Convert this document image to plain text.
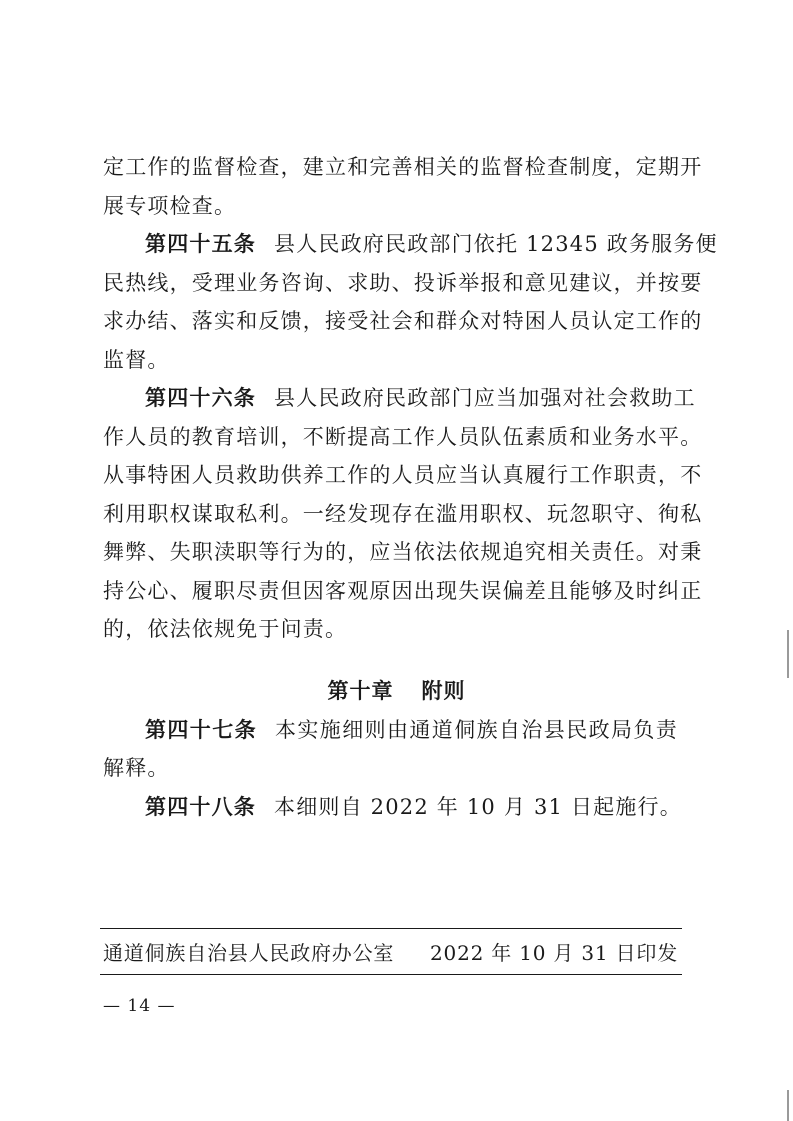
定工作的监督检查，建立和完善相关的监督检查制度，定期开
展专项检查。
第四十五条 县人民政府民政部门依托 12345 政务服务便
民热线，受理业务咨询、求助、投诉举报和意见建议，并按要
求办结、落实和反馈，接受社会和群众对特困人员认定工作的
监督。
第四十六条 县人民政府民政部门应当加强对社会救助工
作人员的教育培训，不断提高工作人员队伍素质和业务水平。
从事特困人员救助供养工作的人员应当认真履行工作职责，不
利用职权谋取私利。一经发现存在滥用职权、玩忽职守、徇私
舞弊、失职渎职等行为的，应当依法依规追究相关责任。对秉
持公心、履职尽责但因客观原因出现失误偏差且能够及时纠正
的，依法依规免于问责。
第十章 附则
第四十七条 本实施细则由通道侗族自治县民政局负责
解释。
第四十八条 本细则自 2022 年 10 月 31 日起施行。
通道侗族自治县人民政府办公室 2022 年 10 月 31 日印发
— 14 —
